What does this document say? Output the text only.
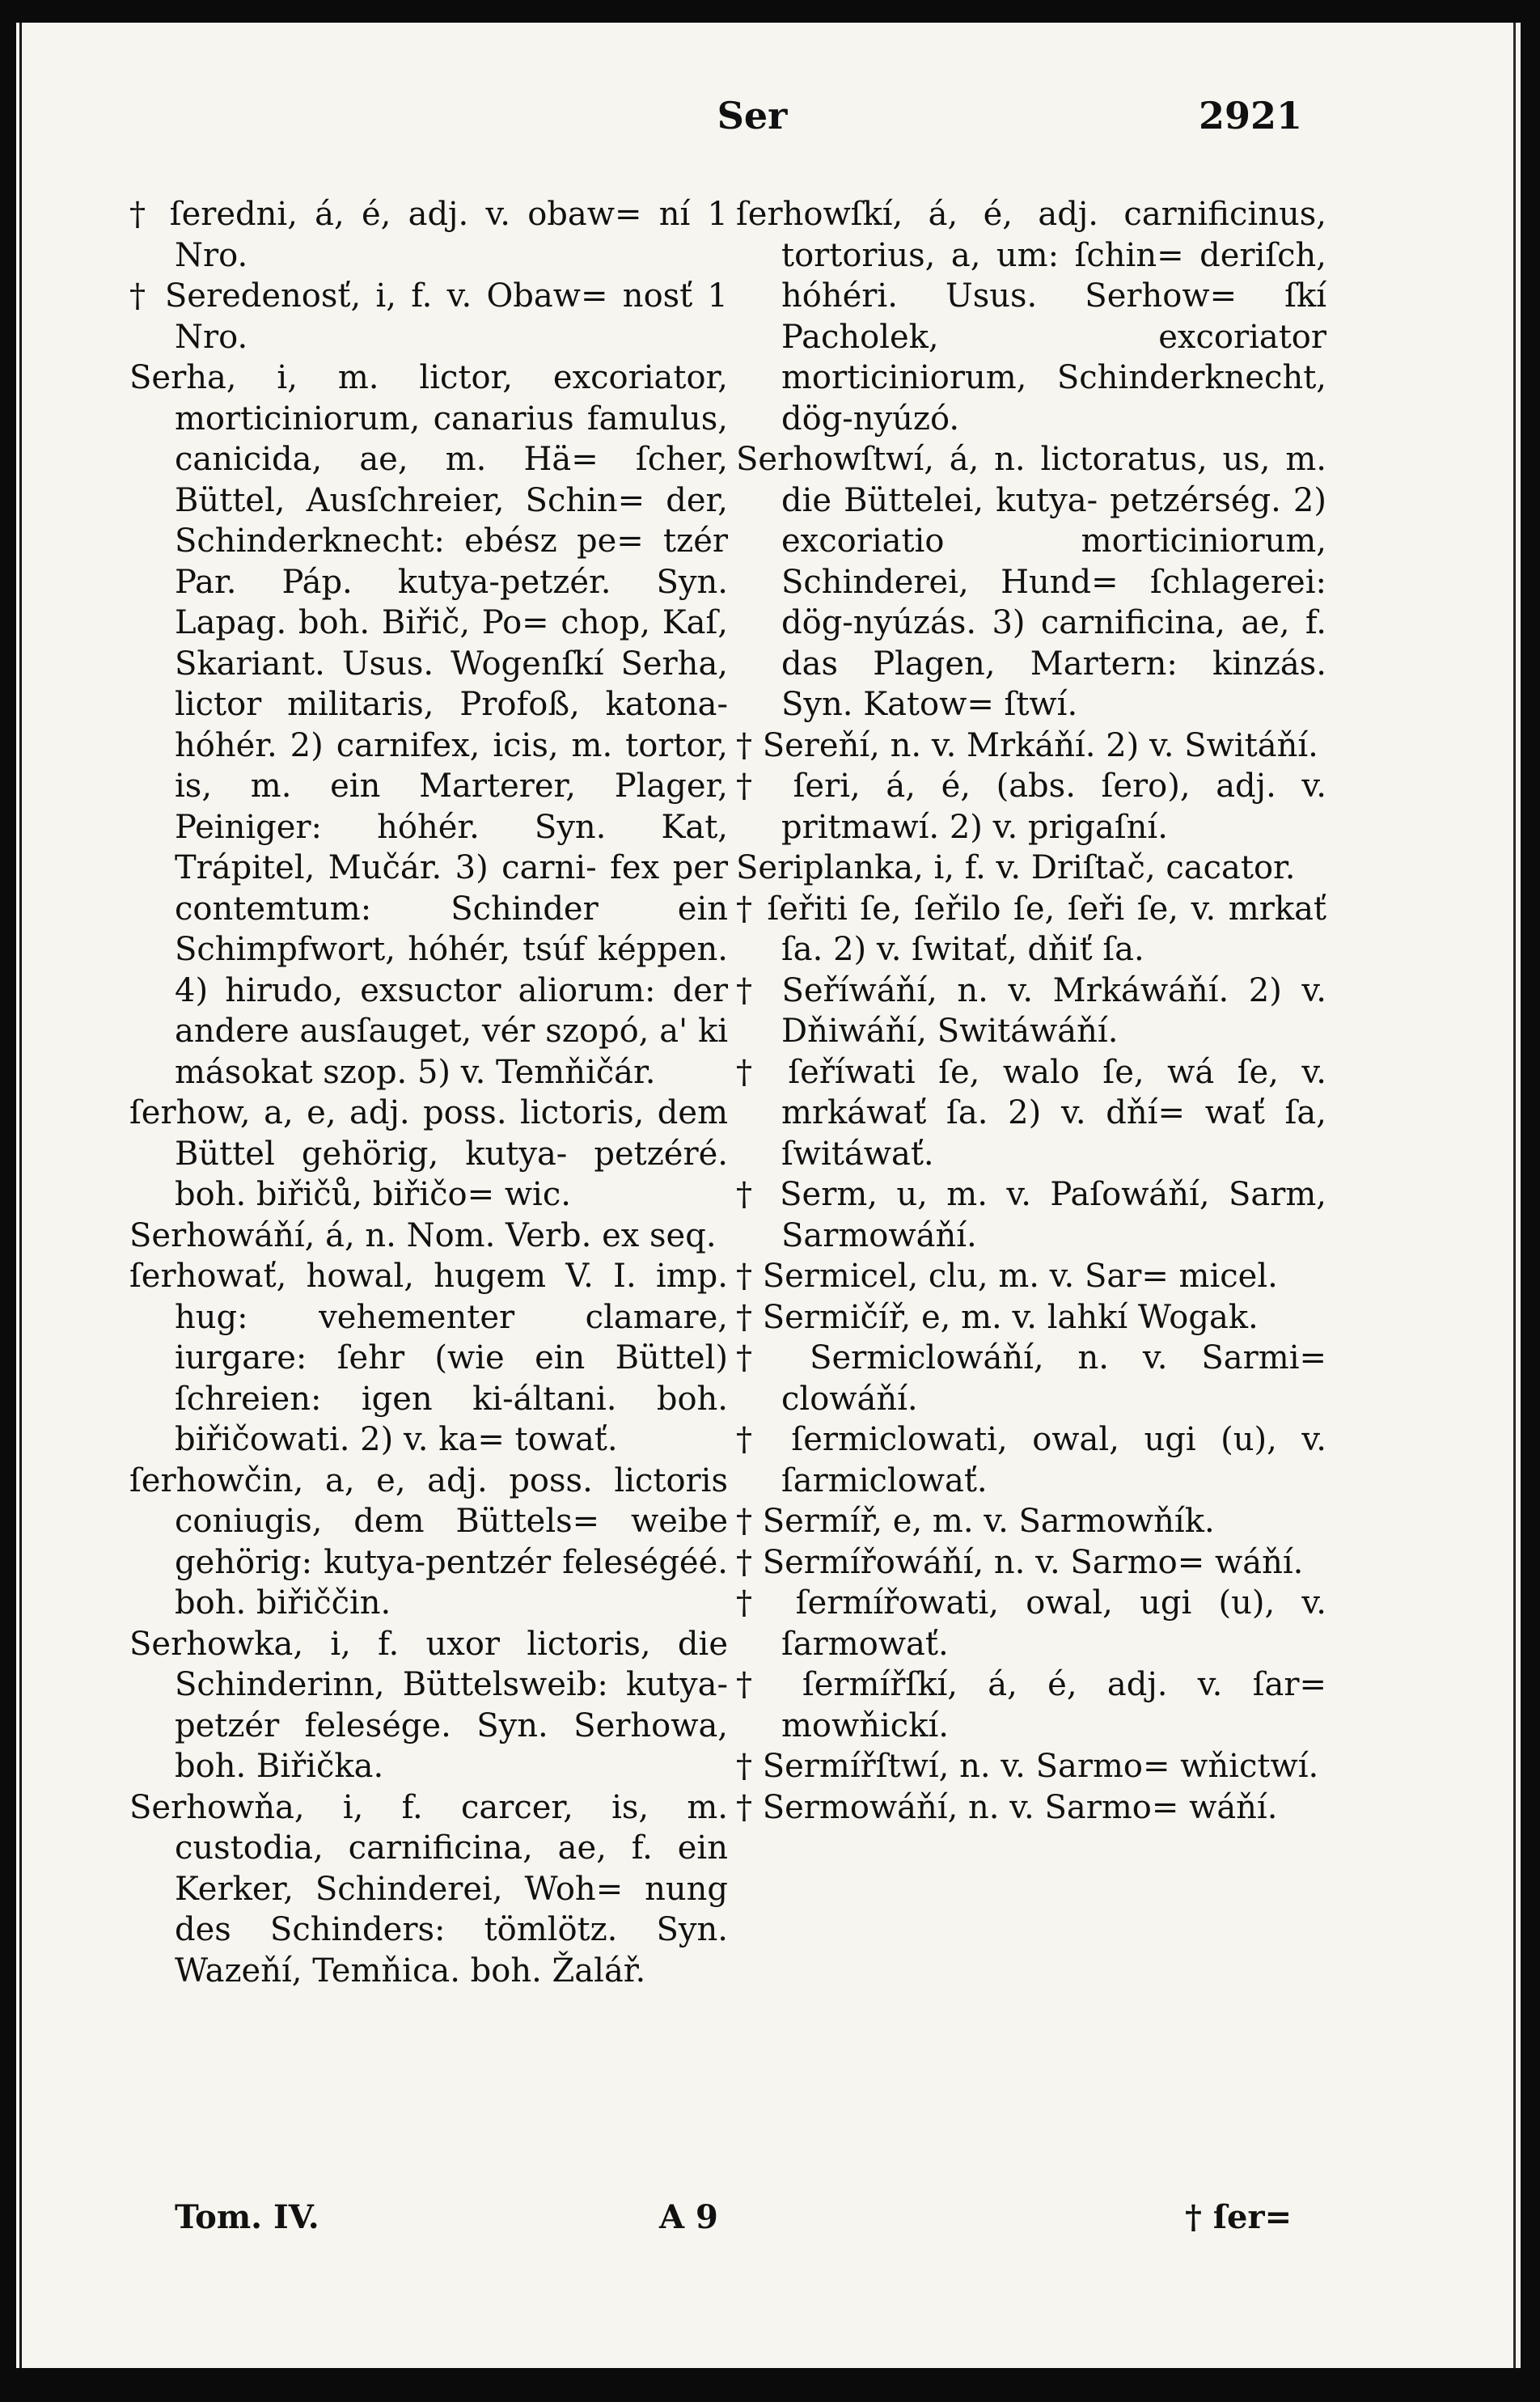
Ser	2921

† ſeredni, á, é, adj. v. obaw= ní 1 Nro.

† Seredenosť, i, f. v. Obaw= nosť 1 Nro.

Serha, i, m. lictor, excoriator, morticiniorum, canarius famulus, canicida, ae, m. Hä= ſcher, Büttel, Ausſchreier, Schin= der, Schinderknecht: ebész pe= tzér Par. Páp. kutya-petzér. Syn. Lapag. boh. Biřič, Po= chop, Kaſ, Skariant. Usus. Wogenſkí Serha, lictor militaris, Profoß, katona-hóhér. 2) carnifex, icis, m. tortor, is, m. ein Marterer, Plager, Peiniger: hóhér. Syn. Kat, Trápitel, Mučár. 3) carni- fex per contemtum: Schinder ein Schimpfwort, hóhér, tsúf képpen. 4) hirudo, exsuctor aliorum: der andere ausſauget, vér szopó, a' ki másokat szop. 5) v. Temňičár.

ſerhow, a, e, adj. poss. lictoris, dem Büttel gehörig, kutya- petzéré. boh. biřičů, biřičo= wic.

Serhowáňí, á, n. Nom. Verb. ex seq.

ſerhowať, howal, hugem V. I. imp. hug: vehementer clamare, iurgare: ſehr (wie ein Büttel) ſchreien: igen ki-áltani. boh. biřičowati. 2) v. ka= towať.

ſerhowčin, a, e, adj. poss. lictoris coniugis, dem Büttels= weibe gehörig: kutya-pentzér feleségéé. boh. biřiččin.

Serhowka, i, f. uxor lictoris, die Schinderinn, Büttelsweib: kutya-petzér felesége. Syn. Serhowa, boh. Biřička.

Serhowňa, i, f. carcer, is, m. custodia, carnificina, ae, f. ein Kerker, Schinderei, Woh= nung des Schinders: tömlötz. Syn. Wazeňí, Temňica. boh. Žalář.

ſerhowſkí, á, é, adj. carnificinus, tortorius, a, um: ſchin= deriſch, hóhéri. Usus. Serhow= ſkí Pacholek, excoriator morticiniorum, Schinderknecht, dög-nyúzó.

Serhowſtwí, á, n. lictoratus, us, m. die Büttelei, kutya- petzérség. 2) excoriatio morticiniorum, Schinderei, Hund= ſchlagerei: dög-nyúzás. 3) carnificina, ae, f. das Plagen, Martern: kinzás. Syn. Katow= ſtwí.

† Sereňí, n. v. Mrkáňí. 2) v. Switáňí.

† ſeri, á, é, (abs. ſero), adj. v. pritmawí. 2) v. prigaſní.

Seriplanka, i, f. v. Driſtač, cacator.

† ſeřiti ſe, ſeřilo ſe, ſeři ſe, v. mrkať ſa. 2) v. ſwitať, dňiť ſa.

† Seříwáňí, n. v. Mrkáwáňí. 2) v. Dňiwáňí, Switáwáňí.

† ſeříwati ſe, walo ſe, wá ſe, v. mrkáwať ſa. 2) v. dňí= wať ſa, ſwitáwať.

† Serm, u, m. v. Paſowáňí, Sarm, Sarmowáňí.

† Sermicel, clu, m. v. Sar= micel.

† Sermičíř, e, m. v. lahkí Wogak.

† Sermiclowáňí, n. v. Sarmi= clowáňí.

† ſermiclowati, owal, ugi (u), v. ſarmiclowať.

† Sermíř, e, m. v. Sarmowňík.

† Sermířowáňí, n. v. Sarmo= wáňí.

† ſermířowati, owal, ugi (u), v. ſarmowať.

† ſermířſkí, á, é, adj. v. ſar= mowňickí.

† Sermířſtwí, n. v. Sarmo= wňictwí.

† Sermowáňí, n. v. Sarmo= wáňí.

Tom. IV.	A 9	† ſer=
